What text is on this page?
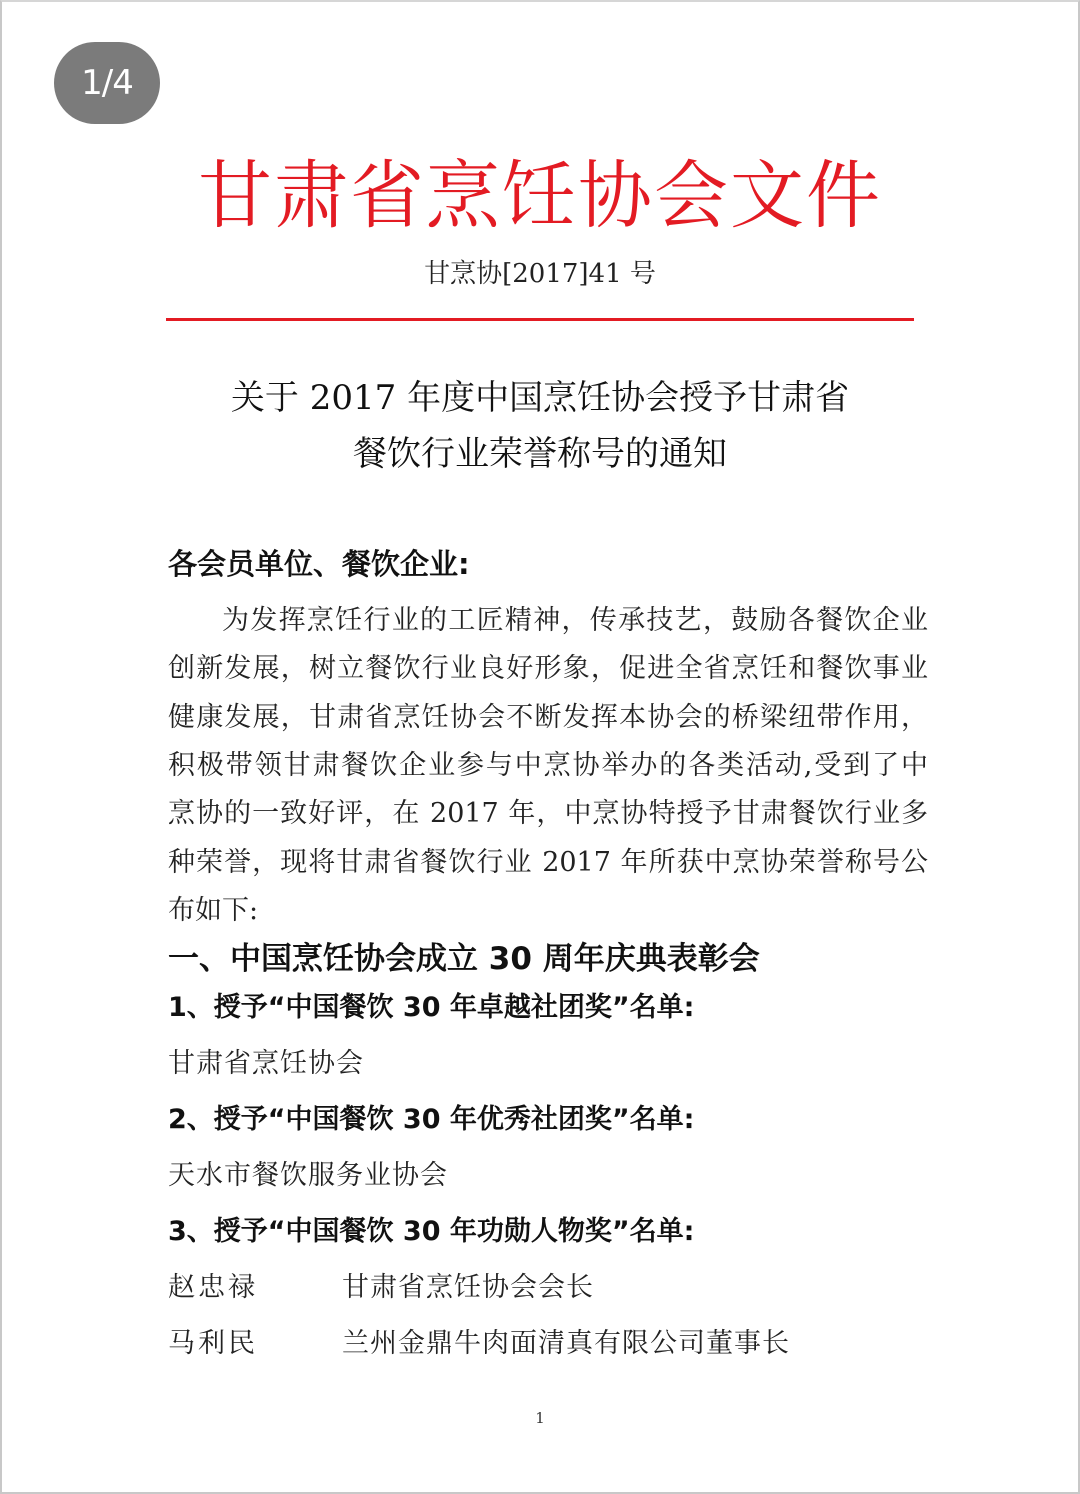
1/4
甘肃省烹饪协会文件
甘烹协[2017]41 号
关于 2017 年度中国烹饪协会授予甘肃省
餐饮行业荣誉称号的通知
各会员单位、餐饮企业:
为发挥烹饪行业的工匠精神，传承技艺，鼓励各餐饮企业
创新发展，树立餐饮行业良好形象，促进全省烹饪和餐饮事业
健康发展，甘肃省烹饪协会不断发挥本协会的桥梁纽带作用，
积极带领甘肃餐饮企业参与中烹协举办的各类活动,受到了中
烹协的一致好评，在 2017 年，中烹协特授予甘肃餐饮行业多
种荣誉，现将甘肃省餐饮行业 2017 年所获中烹协荣誉称号公
布如下:
一、中国烹饪协会成立 30 周年庆典表彰会
1、授予“中国餐饮 30 年卓越社团奖”名单:
甘肃省烹饪协会
2、授予“中国餐饮 30 年优秀社团奖”名单:
天水市餐饮服务业协会
3、授予“中国餐饮 30 年功勋人物奖”名单:
赵忠禄	甘肃省烹饪协会会长
马利民	兰州金鼎牛肉面清真有限公司董事长
1
